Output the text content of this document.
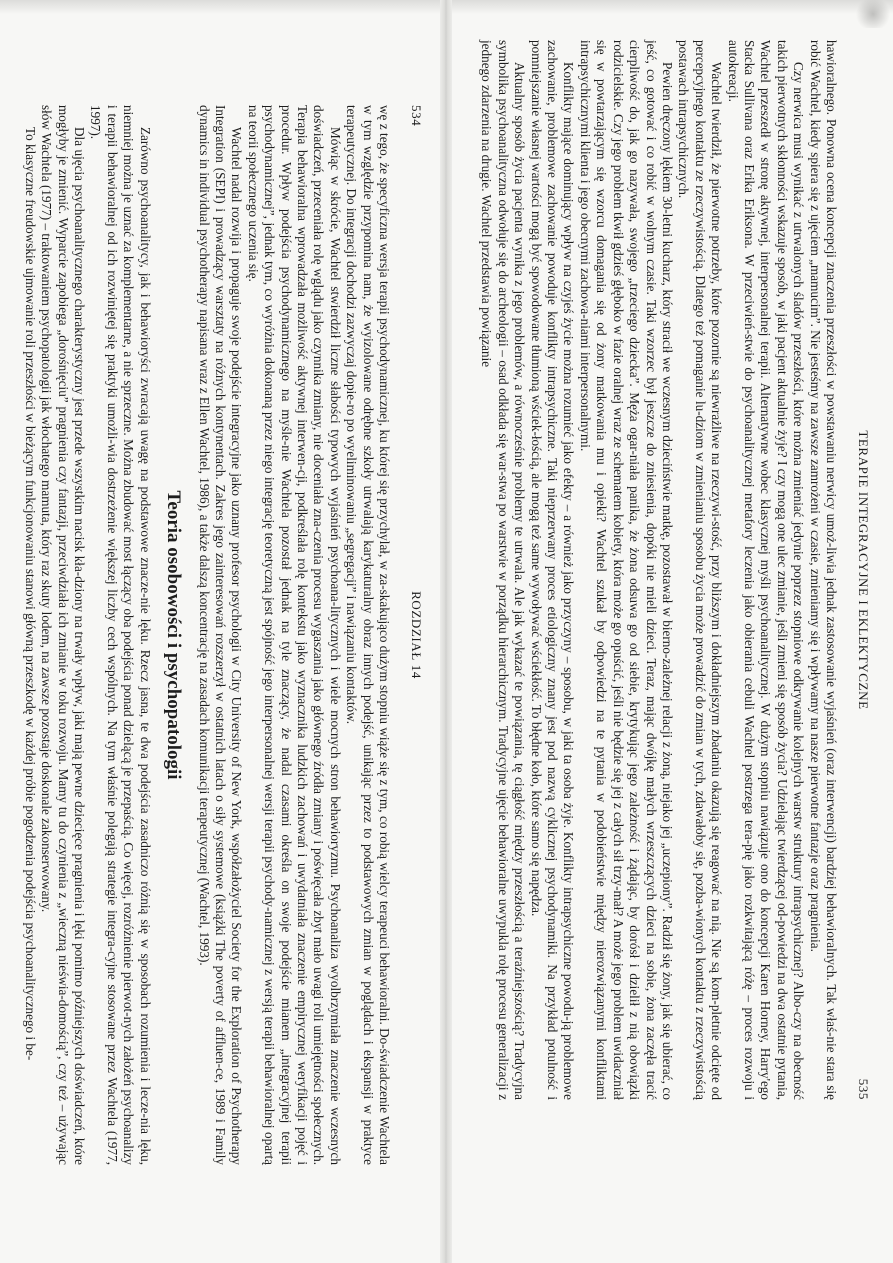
534
ROZDZIAŁ 14

wę z tego, że specyficzna wersja terapii psychodynamicznej, ku której się przychylał, w za-skakująco dużym stopniu wiąże się z tym, co robią wielcy terapeuci behawioralni. Do-świadczenie Wachtela w tym względzie przypomina nam, że wyizolowane odrębne szkoły utrwalają karykaturalny obraz innych podejść, unikając przez to podstawowych zmian w poglądach i ekspansji w praktyce terapeutycznej. Do integracji dochodzi zazwyczaj dopie-ro po wyeliminowaniu „segregacji” i nawiązaniu kontaktów.

Mówiąc w skrócie, Wachtel stwierdził liczne słabości typowych wyjaśnień psychoana-litycznych i wiele mocnych stron behawioryzmu. Psychoanaliza wyolbrzymiała znaczenie wczesnych doświadczeń, przeceniała rolę wglądu jako czynnika zmiany, nie doceniała zna-czenia procesu wygaszania jako głównego źródła zmiany i poświęcała zbyt mało uwagi roli umiejętności społecznych. Terapia behawioralna wprowadzała możliwość aktywnej interwen-cji, podkreślała rolę kontekstu jako wyznacznika ludzkich zachowań i uwydatniała znaczenie empirycznej weryfikacji pojęć i procedur. Wpływ podejścia psychodynamicznego na myśle-nie Wachtela pozostał jednak na tyle znaczący, że nadal czasami określa on swoje podejście mianem „integracyjnej terapii psychodynamicznej”, jednak tym, co wyróżnia dokonaną przez niego integrację teoretyczną jest spójność jego interpersonalnej wersji terapii psychody-namicznej z wersją terapii behawioralnej opartą na teorii społecznego uczenia się.

Wachtel nadal rozwija i propaguje swoje podejście integracyjne jako uznany profesor psychologii w City University of New York, współzałożyciel Society for the Exploration of Psychotherapy Integration (SEPI) i prowadzący warsztaty na różnych kontynentach. Zakres jego zainteresowań rozszerzył w ostatnich latach o siły systemowe (książki The poverty of affluen-ce, 1989 i Family dynamics in individual psychotherapy napisana wraz z Ellen Wachtel, 1986), a także dalszą koncentrację na zasadach komunikacji terapeutycznej (Wachtel, 1993).

Teoria osobowości i psychopatologii

Zarówno psychoanalitycy, jak i behawioryści zwracają uwagę na podstawowe znacze-nie lęku. Rzecz jasna, te dwa podejścia zasadniczo różnią się w sposobach rozumienia i lecze-nia lęku, niemniej można je uznać za komplementarne, a nie sprzeczne. Można zbudować most łączący oba podejścia ponad dzielącą je przepaścią. Co więcej, rozróżnienie pierwot-nych założeń psychoanalizy i terapii behawioralnej od ich rozwiniętej się praktyki umożli-wia dostrzeżenie większej liczby cech wspólnych. Na tym właśnie polegają strategie integra-cyjne stosowane przez Wachtela (1977, 1997).

Dla ujęcia psychoanalitycznego charakterystyczny jest przede wszystkim nacisk kła-dziony na trwały wpływ, jaki mają pewne dziecięce pragnienia i lęki pomimo późniejszych doświadczeń, które mogłyby je zmienić. Wyparcie zapobiega „dorośnięciu” pragnienia czy fantazji, przeciwdziała ich zmianie w toku rozwoju. Mamy tu do czynienia z „wieczną nieświa-domością”, czy też – używając słów Wachtela (1977) – traktowaniem psychopatologii jak włochatego mamuta, który raz skuty lodem, na zawsze pozostaje doskonale zakonserwowany.

To klasyczne freudowskie ujmowanie roli przeszłości w bieżącym funkcjonowaniu stanowi główną przeszkodę w każdej próbie pogodzenia podejścia psychoanalitycznego i be-	TERAPIE INTEGRACYJNE I EKLEKTYCZNE
535

hawioralnego. Ponowna ocena koncepcji znaczenia przeszłości w powstawaniu nerwicy umoż-liwia jednak zastosowanie wyjaśnień (oraz interwencji) bardziej behawioralnych. Tak właś-nie stara się robić Wachtel, kiedy spiera się z ujęciem „mamucim”. Nie jesteśmy na zawsze zamrożeni w czasie, zmieniamy się i wpływamy na nasze pierwotne fantazje oraz pragnienia.

Czy nerwica musi wynikać z utrwalonych śladów przeszłości, które można zmieniać jedynie poprzez stopniowe odkrywanie kolejnych warstw struktury intrapsychicznej? Albo-czy na obecność takich pierwotnych skłonności wskazuje sposób, w jaki pacjent aktualnie żyje? I czy mogą one ulec zmianie, jeśli zmieni się sposób życia? Udzielając twierdzącej od-powiedzi na dwa ostatnie pytania, Wachtel przeszedł w stronę aktywnej, interpersonalnej terapii. Alternatywne wobec klasycznej myśli psychoanalitycznej. W dużym stopniu nawiązuje ono do koncepcji Karen Horney, Harry'ego Stacka Sullivana oraz Erika Eriksona. W przeciwień-stwie do psychoanalitycznej metafory leczenia jako obierania cebuli Wachtel postrzega tera-pię jako rozkwitającą różę – proces rozwoju i autokreacji.

Wachtel twierdził, że pierwotne potrzeby, które pozornie są niewrażliwe na rzeczywi-stość, przy bliższym i dokładniejszym zbadaniu okazują się reagować na nią. Nie są kom-pletnie odcięte od percepcyjnego kontaktu ze rzeczywistością. Dlatego też pomaganie lu-dziom w zmienianiu sposobu życia może prowadzić do zmian w tych, zdawałoby się, pozba-wionych kontaktu z rzeczywistością postawach intrapsychicznych.

Pewien dręczony lękiem 30-letni kucharz, który stracił we wczesnym dzieciństwie matkę, pozostawał w bierno-zależnej relacji z żoną, niejako jej „uczepiony”. Radził się żony, jak się ubierać, co jeść, co gotować i co robić w wolnym czasie. Taki wzorzec był jeszcze do zniesienia, dopóki nie mieli dzieci. Teraz, mając dwójkę małych wrzeszczących dzieci na sobie, żona zaczęła tracić cierpliwość do, jak go nazywała, swojego „trzeciego dziecka”. Męża ogar-niała panika, że żona odsuwa go od siebie, krytykując jego zależność i żądając, by dorósł i dzielił z nią obowiązki rodzicielskie. Czy jego problem tkwił gdzieś głęboko w fazie oralnej wraz ze schematem kobiety, która może go opuścić, jeśli nie będzie się jej z całych sił trzy-mał? A może jego problem uwidaczniał się w powtarzającym się wzorcu domagania się od żony matkowania mu i opieki? Wachtel szukał by odpowiedzi na te pytania w podobieństwie między nierozwiązanymi konfliktami intrapsychicznymi klienta i jego obecnymi zachowa-niami interpersonalnymi.

Konflikty mające dominujący wpływ na czyjeś życie można rozumieć jako efekty – a również jako przyczyny – sposobu, w jaki ta osoba żyje. Konflikty intrapsychiczne powodu-ją problemowe zachowanie, problemowe zachowanie powoduje konflikty intrapsychiczne. Taki nieprzerwany proces etiologiczny znany jest pod nazwą cyklicznej psychodynamiki. Na przykład potulność i pomniejszanie własnej wartości mogą być spowodowane tłumioną wściek-łością, ale mogą też same wywoływać wściekłość. To błędne koło, które samo się napędza.

Aktualny sposób życia pacjenta wynika z jego problemów, a równocześnie problemy te utrwala. Ale jak wykazać te powiązania, tę ciągłość między przeszłością a teraźniejszością? Tradycyjna symbolika psychoanalityczna odwołuje się do archeologii – osad odkłada się war-stwa po warstwie w porządku hierarchicznym. Tradycyjne ujęcie behawioralne uwypukla rolę procesu generalizacji z jednego zdarzenia na drugie. Wachtel przedstawia powiązanie
